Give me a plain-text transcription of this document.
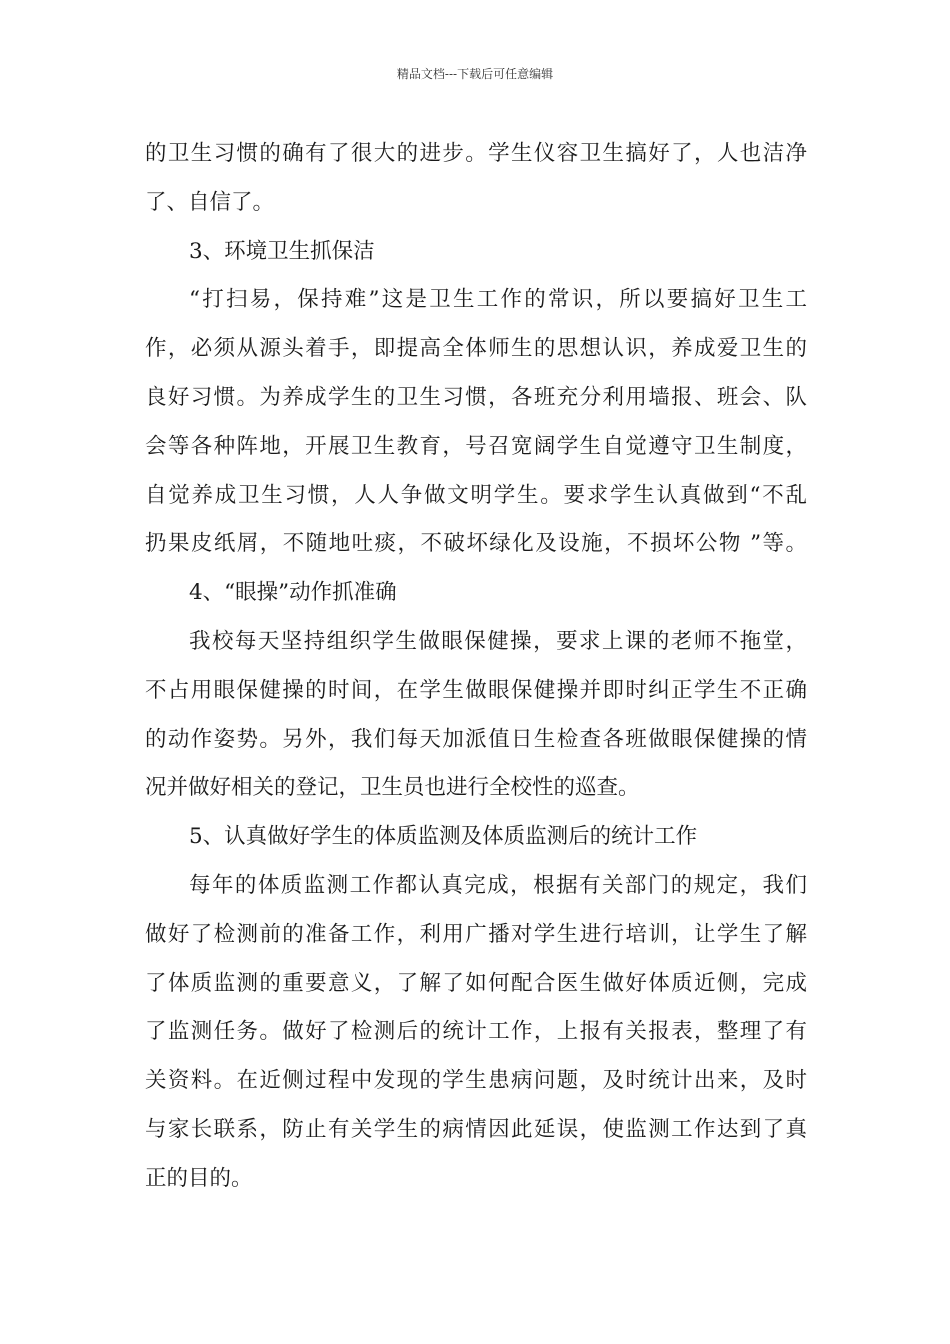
精品文档---下载后可任意编辑
的卫生习惯的确有了很大的进步。学生仪容卫生搞好了，人也洁净
了、自信了。
3、环境卫生抓保洁
“打扫易，保持难”这是卫生工作的常识，所以要搞好卫生工
作，必须从源头着手，即提高全体师生的思想认识，养成爱卫生的
良好习惯。为养成学生的卫生习惯，各班充分利用墙报、班会、队
会等各种阵地，开展卫生教育，号召宽阔学生自觉遵守卫生制度，
自觉养成卫生习惯，人人争做文明学生。要求学生认真做到“不乱
扔果皮纸屑，不随地吐痰，不破坏绿化及设施，不损坏公物 ”等。
4、“眼操”动作抓准确
我校每天坚持组织学生做眼保健操，要求上课的老师不拖堂，
不占用眼保健操的时间，在学生做眼保健操并即时纠正学生不正确
的动作姿势。另外，我们每天加派值日生检查各班做眼保健操的情
况并做好相关的登记，卫生员也进行全校性的巡查。
5、认真做好学生的体质监测及体质监测后的统计工作
每年的体质监测工作都认真完成，根据有关部门的规定，我们
做好了检测前的准备工作，利用广播对学生进行培训，让学生了解
了体质监测的重要意义，了解了如何配合医生做好体质近侧，完成
了监测任务。做好了检测后的统计工作，上报有关报表，整理了有
关资料。在近侧过程中发现的学生患病问题，及时统计出来，及时
与家长联系，防止有关学生的病情因此延误，使监测工作达到了真
正的目的。
